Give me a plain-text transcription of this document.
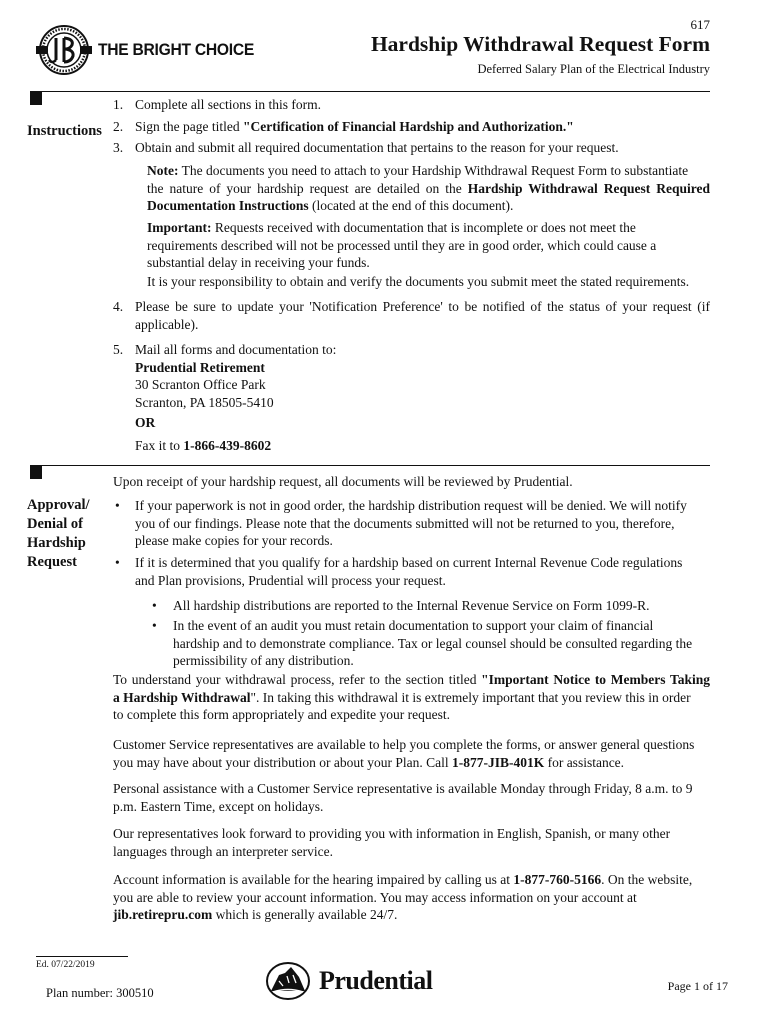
617
THE BRIGHT CHOICE	Hardship Withdrawal Request Form
Deferred Salary Plan of the Electrical Industry
Instructions
1. Complete all sections in this form.
2. Sign the page titled "Certification of Financial Hardship and Authorization."
3. Obtain and submit all required documentation that pertains to the reason for your request.
Note: The documents you need to attach to your Hardship Withdrawal Request Form to substantiate
the nature of your hardship request are detailed on the Hardship Withdrawal Request Required
Documentation Instructions (located at the end of this document).
Important: Requests received with documentation that is incomplete or does not meet the
requirements described will not be processed until they are in good order, which could cause a
substantial delay in receiving your funds.
It is your responsibility to obtain and verify the documents you submit meet the stated requirements.
4. Please be sure to update your 'Notification Preference' to be notified of the status of your request (if
applicable).
5. Mail all forms and documentation to:
Prudential Retirement
30 Scranton Office Park
Scranton, PA 18505-5410
OR
Fax it to 1-866-439-8602
Approval/
Denial of
Hardship
Request
Upon receipt of your hardship request, all documents will be reviewed by Prudential.
• If your paperwork is not in good order, the hardship distribution request will be denied. We will notify
you of our findings. Please note that the documents submitted will not be returned to you, therefore,
please make copies for your records.
• If it is determined that you qualify for a hardship based on current Internal Revenue Code regulations
and Plan provisions, Prudential will process your request.
• All hardship distributions are reported to the Internal Revenue Service on Form 1099-R.
• In the event of an audit you must retain documentation to support your claim of financial
hardship and to demonstrate compliance. Tax or legal counsel should be consulted regarding the
permissibility of any distribution.
To understand your withdrawal process, refer to the section titled "Important Notice to Members Taking
a Hardship Withdrawal". In taking this withdrawal it is extremely important that you review this in order
to complete this form appropriately and expedite your request.
Customer Service representatives are available to help you complete the forms, or answer general questions
you may have about your distribution or about your Plan. Call 1-877-JIB-401K for assistance.
Personal assistance with a Customer Service representative is available Monday through Friday, 8 a.m. to 9
p.m. Eastern Time, except on holidays.
Our representatives look forward to providing you with information in English, Spanish, or many other
languages through an interpreter service.
Account information is available for the hearing impaired by calling us at 1-877-760-5166. On the website,
you are able to review your account information. You may access information on your account at
jib.retirepru.com which is generally available 24/7.
Ed. 07/22/2019
Plan number: 300510	Prudential	Page 1 of 17
